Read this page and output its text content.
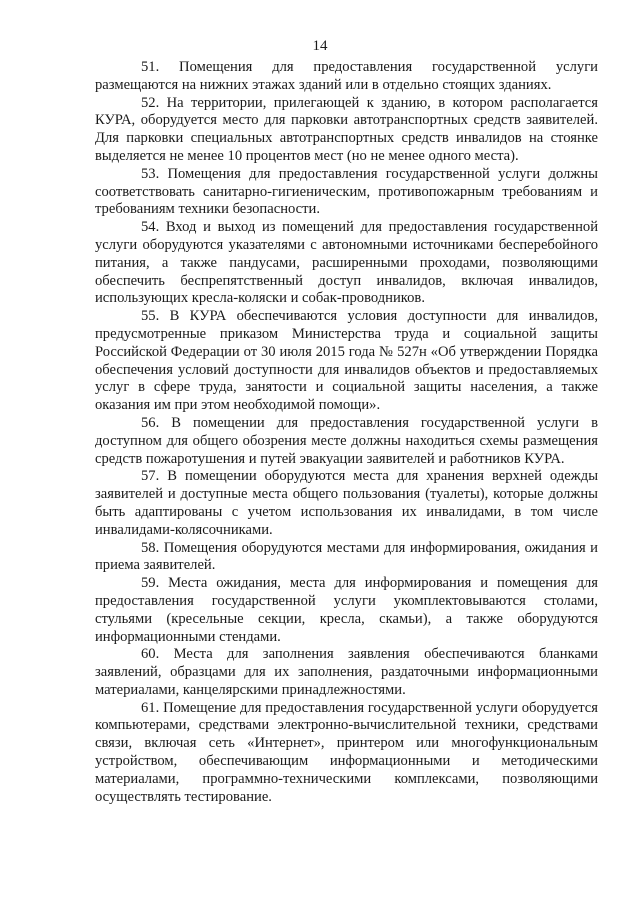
14

51. Помещения для предоставления государственной услуги размещаются на нижних этажах зданий или в отдельно стоящих зданиях.

52. На территории, прилегающей к зданию, в котором располагается КУРА, оборудуется место для парковки автотранспортных средств заявителей. Для парковки специальных автотранспортных средств инвалидов на стоянке выделяется не менее 10 процентов мест (но не менее одного места).

53. Помещения для предоставления государственной услуги должны соответствовать санитарно-гигиеническим, противопожарным требованиям и требованиям техники безопасности.

54. Вход и выход из помещений для предоставления государственной услуги оборудуются указателями с автономными источниками бесперебойного питания, а также пандусами, расширенными проходами, позволяющими обеспечить беспрепятственный доступ инвалидов, включая инвалидов, использующих кресла-коляски и собак-проводников.

55. В КУРА обеспечиваются условия доступности для инвалидов, предусмотренные приказом Министерства труда и социальной защиты Российской Федерации от 30 июля 2015 года № 527н «Об утверждении Порядка обеспечения условий доступности для инвалидов объектов и предоставляемых услуг в сфере труда, занятости и социальной защиты населения, а также оказания им при этом необходимой помощи».

56. В помещении для предоставления государственной услуги в доступном для общего обозрения месте должны находиться схемы размещения средств пожаротушения и путей эвакуации заявителей и работников КУРА.

57. В помещении оборудуются места для хранения верхней одежды заявителей и доступные места общего пользования (туалеты), которые должны быть адаптированы с учетом использования их инвалидами, в том числе инвалидами-колясочниками.

58. Помещения оборудуются местами для информирования, ожидания и приема заявителей.

59. Места ожидания, места для информирования и помещения для предоставления государственной услуги укомплектовываются столами, стульями (кресельные секции, кресла, скамьи), а также оборудуются информационными стендами.

60. Места для заполнения заявления обеспечиваются бланками заявлений, образцами для их заполнения, раздаточными информационными материалами, канцелярскими принадлежностями.

61. Помещение для предоставления государственной услуги оборудуется компьютерами, средствами электронно-вычислительной техники, средствами связи, включая сеть «Интернет», принтером или многофункциональным устройством, обеспечивающим информационными и методическими материалами, программно-техническими комплексами, позволяющими осуществлять тестирование.
